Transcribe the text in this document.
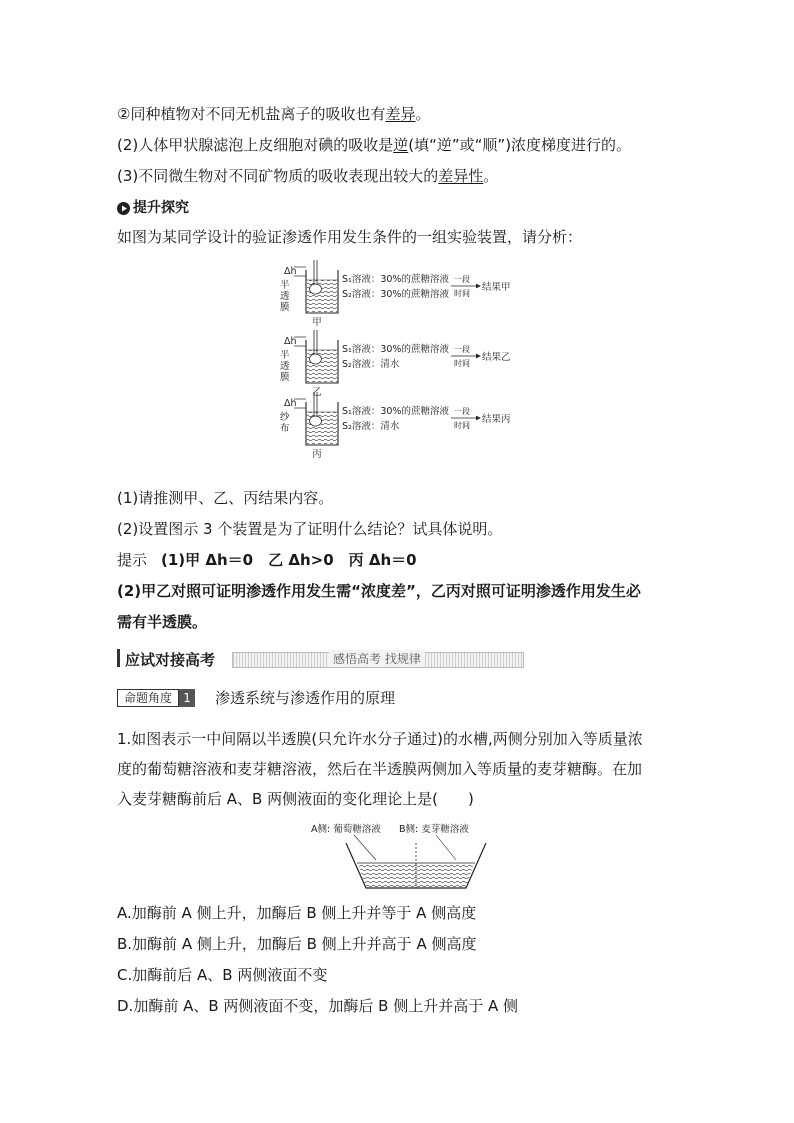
②同种植物对不同无机盐离子的吸收也有差异。
(2)人体甲状腺滤泡上皮细胞对碘的吸收是逆(填“逆”或“顺”)浓度梯度进行的。
(3)不同微生物对不同矿物质的吸收表现出较大的差异性。
提升探究
如图为某同学设计的验证渗透作用发生条件的一组实验装置，请分析：
Δh
半
透
膜
S₁溶液：30%的蔗糖溶液
S₂溶液：30%的蔗糖溶液
一段
时间
结果甲
甲
Δh
半
透
膜
S₁溶液：30%的蔗糖溶液
S₂溶液：清水
一段
时间
结果乙
乙
Δh
纱
布
S₁溶液：30%的蔗糖溶液
S₂溶液：清水
一段
时间
结果丙
丙
(1)请推测甲、乙、丙结果内容。
(2)设置图示 3 个装置是为了证明什么结论？试具体说明。
提示 (1)甲 Δh＝0　乙 Δh>0　丙 Δh＝0
(2)甲乙对照可证明渗透作用发生需“浓度差”，乙丙对照可证明渗透作用发生必
需有半透膜。
应试对接高考	感悟高考 找规律
命题角度 1 渗透系统与渗透作用的原理
1.如图表示一中间隔以半透膜(只允许水分子通过)的水槽,两侧分别加入等质量浓
度的葡萄糖溶液和麦芽糖溶液，然后在半透膜两侧加入等质量的麦芽糖酶。在加
入麦芽糖酶前后 A、B 两侧液面的变化理论上是(　　)
A侧: 葡萄糖溶液 B侧: 麦芽糖溶液
A.加酶前 A 侧上升，加酶后 B 侧上升并等于 A 侧高度
B.加酶前 A 侧上升，加酶后 B 侧上升并高于 A 侧高度
C.加酶前后 A、B 两侧液面不变
D.加酶前 A、B 两侧液面不变，加酶后 B 侧上升并高于 A 侧
